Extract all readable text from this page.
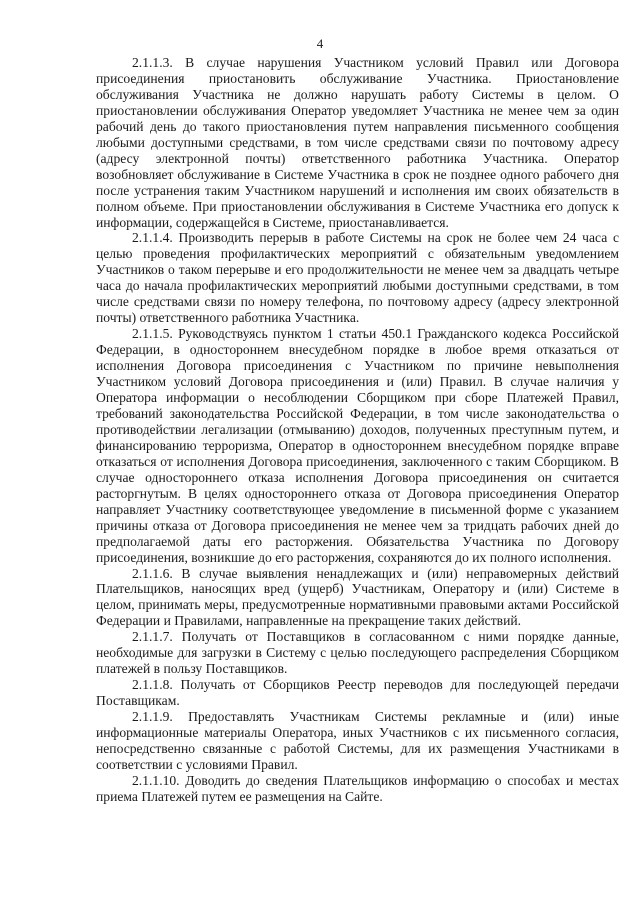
4

2.1.1.3. В случае нарушения Участником условий Правил или Договора присоединения приостановить обслуживание Участника. Приостановление обслуживания Участника не должно нарушать работу Системы в целом. О приостановлении обслуживания Оператор уведомляет Участника не менее чем за один рабочий день до такого приостановления путем направления письменного сообщения любыми доступными средствами, в том числе средствами связи по почтовому адресу (адресу электронной почты) ответственного работника Участника. Оператор возобновляет обслуживание в Системе Участника в срок не позднее одного рабочего дня после устранения таким Участником нарушений и исполнения им своих обязательств в полном объеме. При приостановлении обслуживания в Системе Участника его допуск к информации, содержащейся в Системе, приостанавливается.

2.1.1.4. Производить перерыв в работе Системы на срок не более чем 24 часа с целью проведения профилактических мероприятий с обязательным уведомлением Участников о таком перерыве и его продолжительности не менее чем за двадцать четыре часа до начала профилактических мероприятий любыми доступными средствами, в том числе средствами связи по номеру телефона, по почтовому адресу (адресу электронной почты) ответственного работника Участника.

2.1.1.5. Руководствуясь пунктом 1 статьи 450.1 Гражданского кодекса Российской Федерации, в одностороннем внесудебном порядке в любое время отказаться от исполнения Договора присоединения с Участником по причине невыполнения Участником условий Договора присоединения и (или) Правил. В случае наличия у Оператора информации о несоблюдении Сборщиком при сборе Платежей Правил, требований законодательства Российской Федерации, в том числе законодательства о противодействии легализации (отмыванию) доходов, полученных преступным путем, и финансированию терроризма, Оператор в одностороннем внесудебном порядке вправе отказаться от исполнения Договора присоединения, заключенного с таким Сборщиком. В случае одностороннего отказа исполнения Договора присоединения он считается расторгнутым. В целях одностороннего отказа от Договора присоединения Оператор направляет Участнику соответствующее уведомление в письменной форме с указанием причины отказа от Договора присоединения не менее чем за тридцать рабочих дней до предполагаемой даты его расторжения. Обязательства Участника по Договору присоединения, возникшие до его расторжения, сохраняются до их полного исполнения.

2.1.1.6. В случае выявления ненадлежащих и (или) неправомерных действий Плательщиков, наносящих вред (ущерб) Участникам, Оператору и (или) Системе в целом, принимать меры, предусмотренные нормативными правовыми актами Российской Федерации и Правилами, направленные на прекращение таких действий.

2.1.1.7. Получать от Поставщиков в согласованном с ними порядке данные, необходимые для загрузки в Систему с целью последующего распределения Сборщиком платежей в пользу Поставщиков.

2.1.1.8. Получать от Сборщиков Реестр переводов для последующей передачи Поставщикам.

2.1.1.9. Предоставлять Участникам Системы рекламные и (или) иные информационные материалы Оператора, иных Участников с их письменного согласия, непосредственно связанные с работой Системы, для их размещения Участниками в соответствии с условиями Правил.

2.1.1.10. Доводить до сведения Плательщиков информацию о способах и местах приема Платежей путем ее размещения на Сайте.
